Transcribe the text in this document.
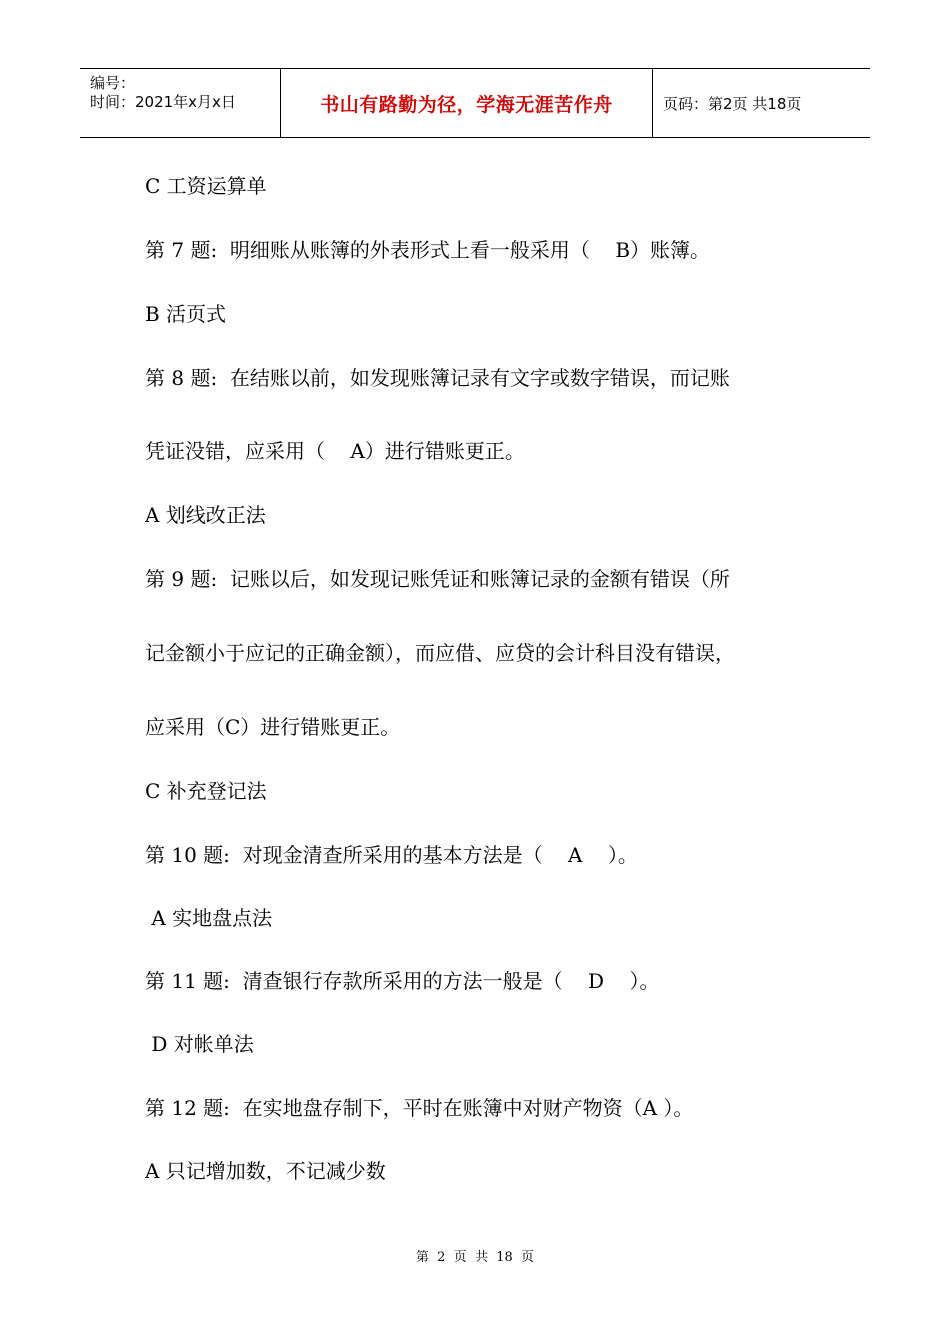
编号：
时间：2021年x月x日	书山有路勤为径，学海无涯苦作舟	页码：第2页 共18页
C 工资运算单
第 7 题:  明细账从账簿的外表形式上看一般采用（    B）账簿。
B 活页式
第 8 题:  在结账以前，如发现账簿记录有文字或数字错误，而记账
凭证没错，应采用（    A）进行错账更正。
A 划线改正法
第 9 题:  记账以后，如发现记账凭证和账簿记录的金额有错误（所
记金额小于应记的正确金额），而应借、应贷的会计科目没有错误，
应采用（C）进行错账更正。
C 补充登记法
第 10 题:  对现金清查所采用的基本方法是（    A    ）。
A 实地盘点法
第 11 题:  清查银行存款所采用的方法一般是（    D    ）。
D 对帐单法
第 12 题:  在实地盘存制下，平时在账簿中对财产物资（A ）。
A 只记增加数，不记减少数
第  2  页  共  18  页
